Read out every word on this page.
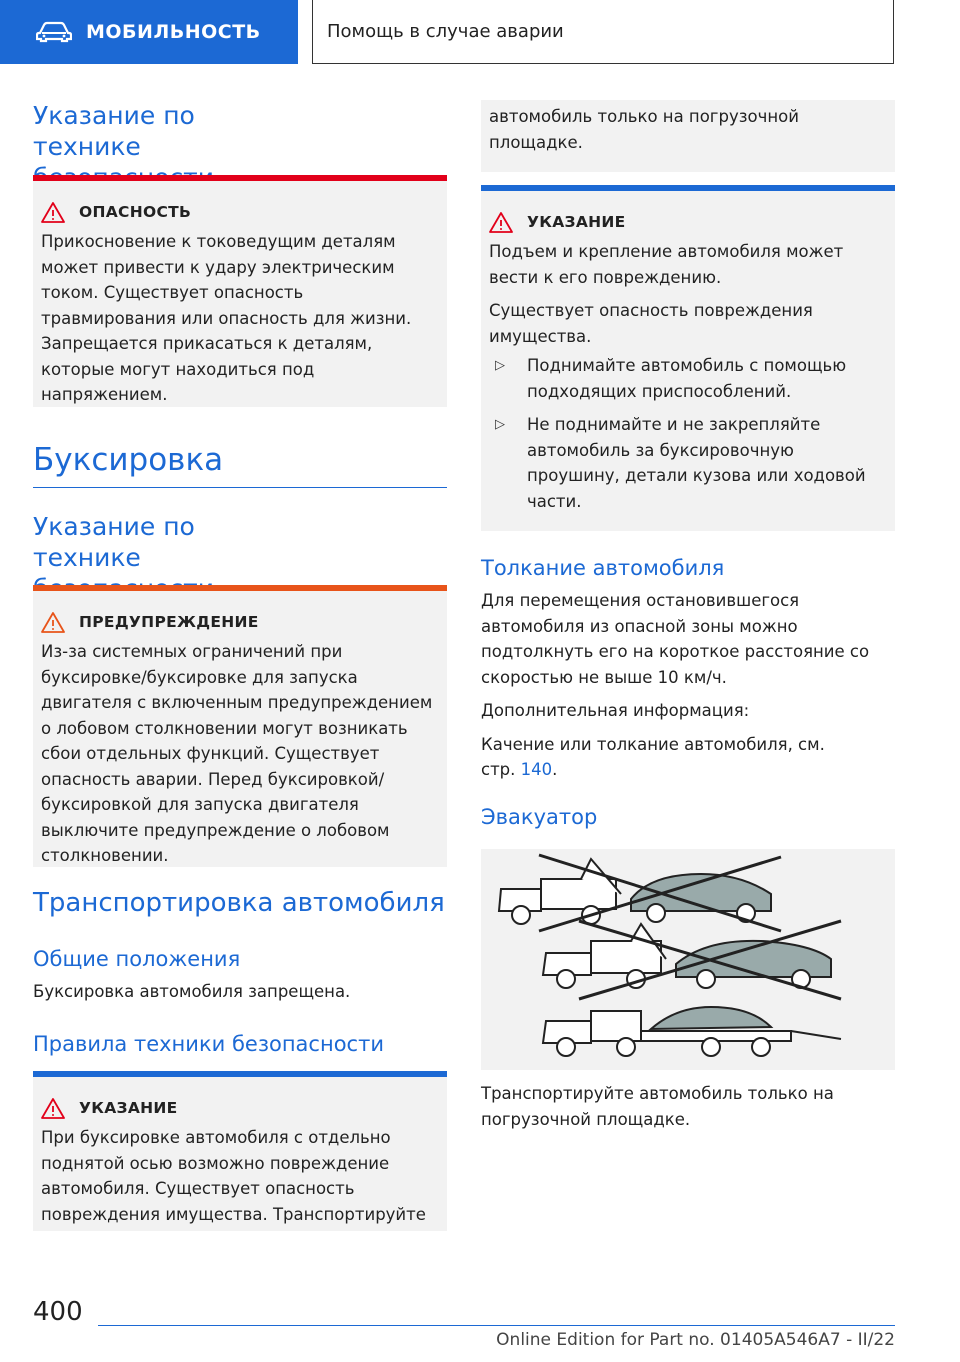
МОБИЛЬНОСТЬ	Помощь в случае аварии
Указание по технике
ОПАСНОСТЬ

Прикосновение к токоведущим деталям может привести к удару электрическим током. Существует опасность травмирования или опасность для жизни. Запрещается прикасаться к деталям, которые могут находиться под напряжением.

Буксировка
Указание по технике
ПРЕДУПРЕЖДЕНИЕ

Из-за системных ограничений при буксировке/буксировке для запуска двигателя с включенным предупреждением о лобовом столкновении могут возникать сбои отдельных функций. Существует опасность аварии. Перед буксировкой/буксировкой для запуска двигателя выключите предупреждение о лобовом столкновении.

Транспортировка автомобиля
Общие положения

Буксировка автомобиля запрещена.

Правила техники безопасности
УКАЗАНИЕ

При буксировке автомобиля с отдельно поднятой осью возможно повреждение автомобиля. Существует опасность повреждения имущества. Транспортируйте

автомобиль только на погрузочной площадке.

УКАЗАНИЕ

Подъем и крепление автомобиля может вести к его повреждению.

Существует опасность повреждения имущества.

▷	Поднимайте автомобиль с помощью подходящих приспособлений.
▷	Не поднимайте и не закрепляйте автомобиль за буксировочную проушину, детали кузова или ходовой части.
Толкание автомобиля

Для перемещения остановившегося автомобиля из опасной зоны можно подтолкнуть его на короткое расстояние со скоростью не выше 10 км/ч.

Дополнительная информация:

Качение или толкание автомобиля, см. стр. 140.

Эвакуатор

Транспортируйте автомобиль только на погрузочной площадке.

400
Online Edition for Part no. 01405A546A7 - II/22
